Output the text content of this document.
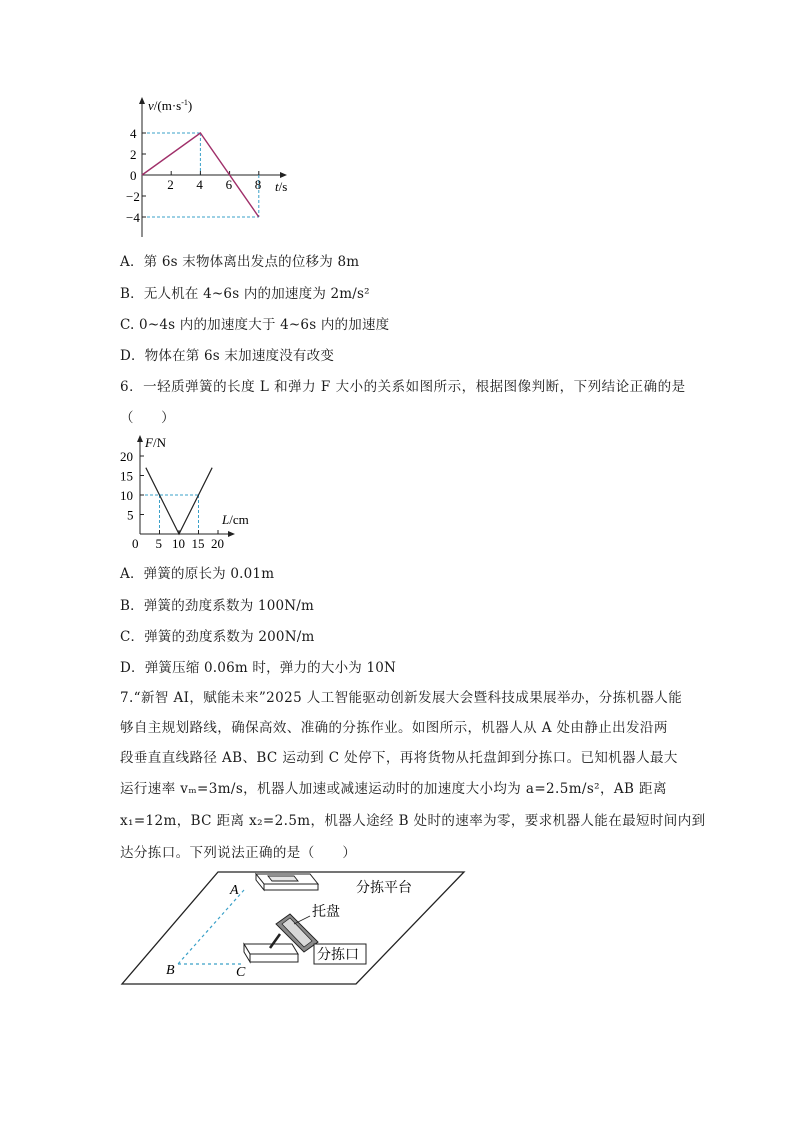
$v/(m\cdot s^{-1})$
t/s
2 4 6 8
4
2
0
−2
−4
A．第 6s 末物体离出发点的位移为 8m
B．无人机在 4~6s 内的加速度为 2m/s²
C. 0~4s 内的加速度大于 4~6s 内的加速度
D．物体在第 6s 末加速度没有改变
6．一轻质弹簧的长度 L 和弹力 F 大小的关系如图所示，根据图像判断，下列结论正确的是
（　　）
F/N
L/cm
0 5 10 15 20
20
15
10
5
A．弹簧的原长为 0.01m
B．弹簧的劲度系数为 100N/m
C．弹簧的劲度系数为 200N/m
D．弹簧压缩 0.06m 时，弹力的大小为 10N
7.“新智 AI，赋能未来”2025 人工智能驱动创新发展大会暨科技成果展举办，分拣机器人能
够自主规划路线，确保高效、准确的分拣作业。如图所示，机器人从 A 处由静止出发沿两
段垂直直线路径 AB、BC 运动到 C 处停下，再将货物从托盘卸到分拣口。已知机器人最大
运行速率 vₘ=3m/s，机器人加速或减速运动时的加速度大小均为 a=2.5m/s²，AB 距离
x₁=12m，BC 距离 x₂=2.5m，机器人途经 B 处时的速率为零，要求机器人能在最短时间内到
达分拣口。下列说法正确的是（　　）
A
B	C
分拣平台
托盘
分拣口
